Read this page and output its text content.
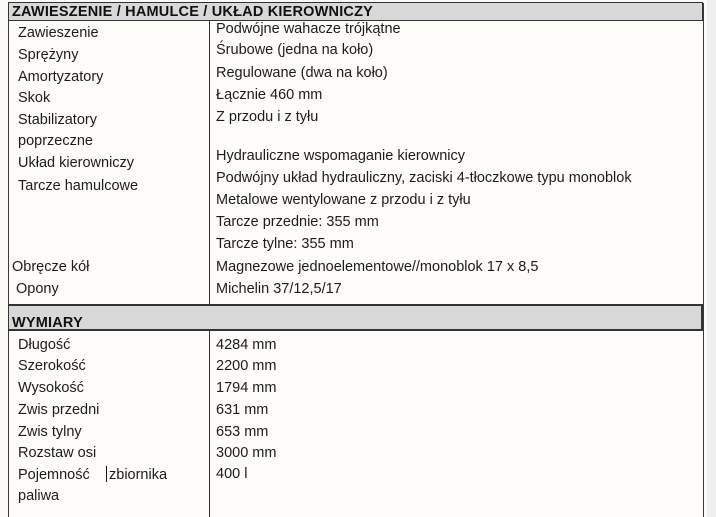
ZAWIESZENIE / HAMULCE / UKŁAD KIEROWNICZY
Zawieszenie
Sprężyny
Amortyzatory
Skok
Stabilizatory
poprzeczne
Układ kierowniczy
Tarcze hamulcowe
Obręcze kół
Opony
Podwójne wahacze trójkątne
Śrubowe (jedna na koło)
Regulowane (dwa na koło)
Łącznie 460 mm
Z przodu i z tyłu
Hydrauliczne wspomaganie kierownicy
Podwójny układ hydrauliczny, zaciski 4-tłoczkowe typu monoblok
Metalowe wentylowane z przodu i z tyłu
Tarcze przednie: 355 mm
Tarcze tylne: 355 mm
Magnezowe jednoelementowe//monoblok 17 x 8,5
Michelin 37/12,5/17
WYMIARY
Długość
Szerokość
Wysokość
Zwis przedni
Zwis tylny
Rozstaw osi
Pojemność zbiornika
paliwa
4284 mm
2200 mm
1794 mm
631 mm
653 mm
3000 mm
400 l
